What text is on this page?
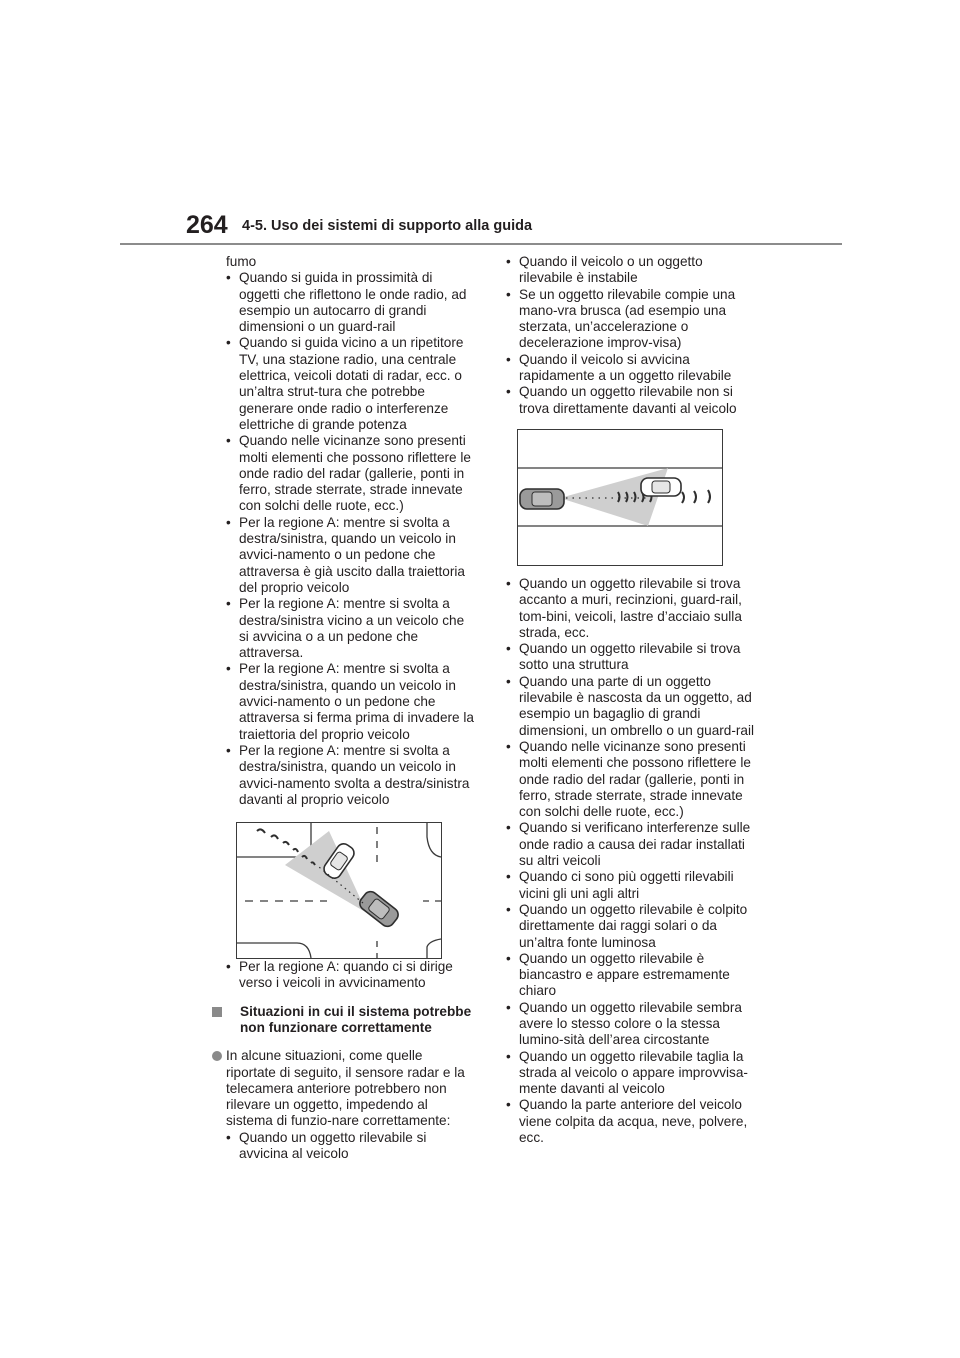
264 4-5. Uso dei sistemi di supporto alla guida

fumo

• Quando si guida in prossimità di oggetti che riflettono le onde radio, ad esempio un autocarro di grandi dimensioni o un guard-rail
• Quando si guida vicino a un ripetitore TV, una stazione radio, una centrale elettrica, veicoli dotati di radar, ecc. o un’altra strut-tura che potrebbe generare onde radio o interferenze elettriche di grande potenza
• Quando nelle vicinanze sono presenti molti elementi che possono riflettere le onde radio del radar (gallerie, ponti in ferro, strade sterrate, strade innevate con solchi delle ruote, ecc.)
• Per la regione A: mentre si svolta a destra/sinistra, quando un veicolo in avvici-namento o un pedone che attraversa è già uscito dalla traiettoria del proprio veicolo
• Per la regione A: mentre si svolta a destra/sinistra vicino a un veicolo che si avvicina o a un pedone che attraversa.
• Per la regione A: mentre si svolta a destra/sinistra, quando un veicolo in avvici-namento o un pedone che attraversa si ferma prima di invadere la traiettoria del proprio veicolo
• Per la regione A: mentre si svolta a destra/sinistra, quando un veicolo in avvici-namento svolta a destra/sinistra davanti al proprio veicolo
• Per la regione A: quando ci si dirige verso i veicoli in avvicinamento
Situazioni in cui il sistema potrebbe non funzionare correttamente
In alcune situazioni, come quelle riportate di seguito, il sensore radar e la telecamera anteriore potrebbero non rilevare un oggetto, impedendo al sistema di funzio-nare correttamente:
• Quando un oggetto rilevabile si avvicina al veicolo
• Quando il veicolo o un oggetto rilevabile è instabile
• Se un oggetto rilevabile compie una mano-vra brusca (ad esempio una sterzata, un’accelerazione o decelerazione improv-visa)
• Quando il veicolo si avvicina rapidamente a un oggetto rilevabile
• Quando un oggetto rilevabile non si trova direttamente davanti al veicolo
• Quando un oggetto rilevabile si trova accanto a muri, recinzioni, guard-rail, tom-bini, veicoli, lastre d’acciaio sulla strada, ecc.
• Quando un oggetto rilevabile si trova sotto una struttura
• Quando una parte di un oggetto rilevabile è nascosta da un oggetto, ad esempio un bagaglio di grandi dimensioni, un ombrello o un guard-rail
• Quando nelle vicinanze sono presenti molti elementi che possono riflettere le onde radio del radar (gallerie, ponti in ferro, strade sterrate, strade innevate con solchi delle ruote, ecc.)
• Quando si verificano interferenze sulle onde radio a causa dei radar installati su altri veicoli
• Quando ci sono più oggetti rilevabili vicini gli uni agli altri
• Quando un oggetto rilevabile è colpito direttamente dai raggi solari o da un’altra fonte luminosa
• Quando un oggetto rilevabile è biancastro e appare estremamente chiaro
• Quando un oggetto rilevabile sembra avere lo stesso colore o la stessa lumino-sità dell’area circostante
• Quando un oggetto rilevabile taglia la strada al veicolo o appare improvvisa-mente davanti al veicolo
• Quando la parte anteriore del veicolo viene colpita da acqua, neve, polvere, ecc.
